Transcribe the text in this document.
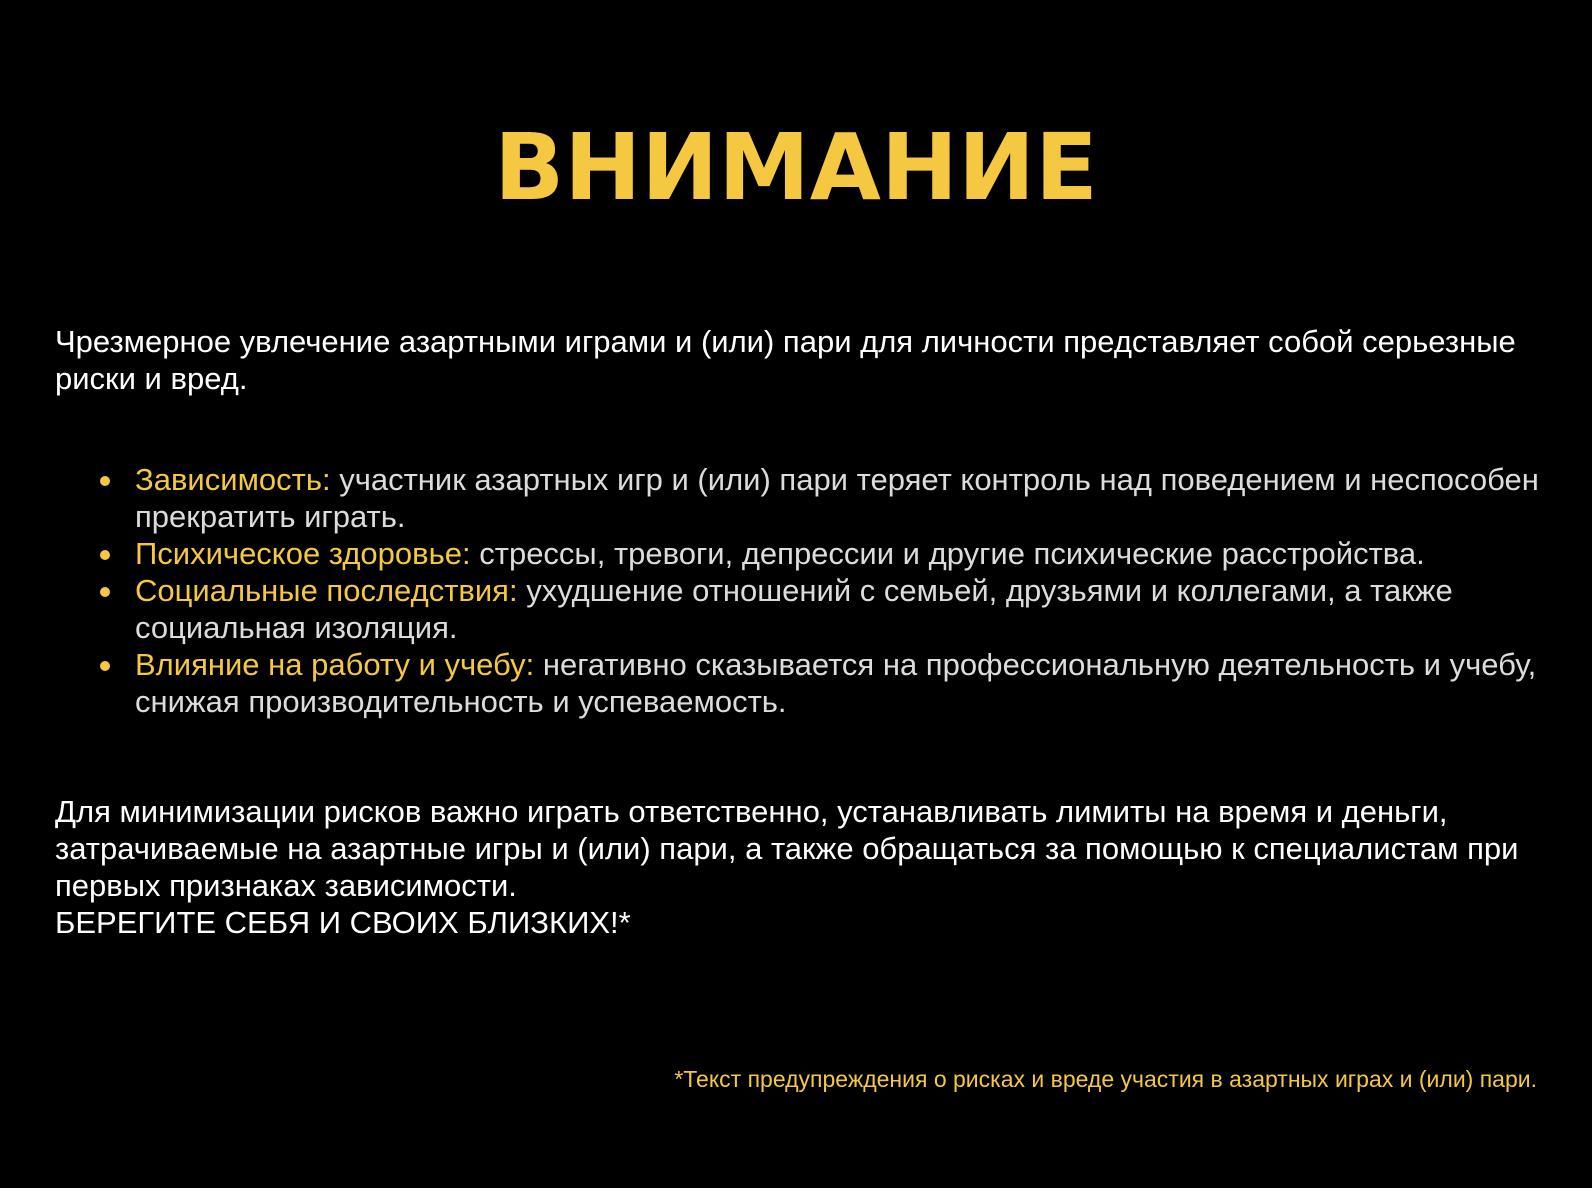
ВНИМАНИЕ

Чрезмерное увлечение азартными играми и (или) пари для личности представляет собой серьезные риски и вред.

Зависимость: участник азартных игр и (или) пари теряет контроль над поведением и неспособен прекратить играть.
Психическое здоровье: стрессы, тревоги, депрессии и другие психические расстройства.
Социальные последствия: ухудшение отношений с семьей, друзьями и коллегами, а также социальная изоляция.
Влияние на работу и учебу: негативно сказывается на профессиональную деятельность и учебу, снижая производительность и успеваемость.
Для минимизации рисков важно играть ответственно, устанавливать лимиты на время и деньги, затрачиваемые на азартные игры и (или) пари, а также обращаться за помощью к специалистам при первых признаках зависимости.
БЕРЕГИТЕ СЕБЯ И СВОИХ БЛИЗКИХ!*

*Текст предупреждения о рисках и вреде участия в азартных играх и (или) пари.
